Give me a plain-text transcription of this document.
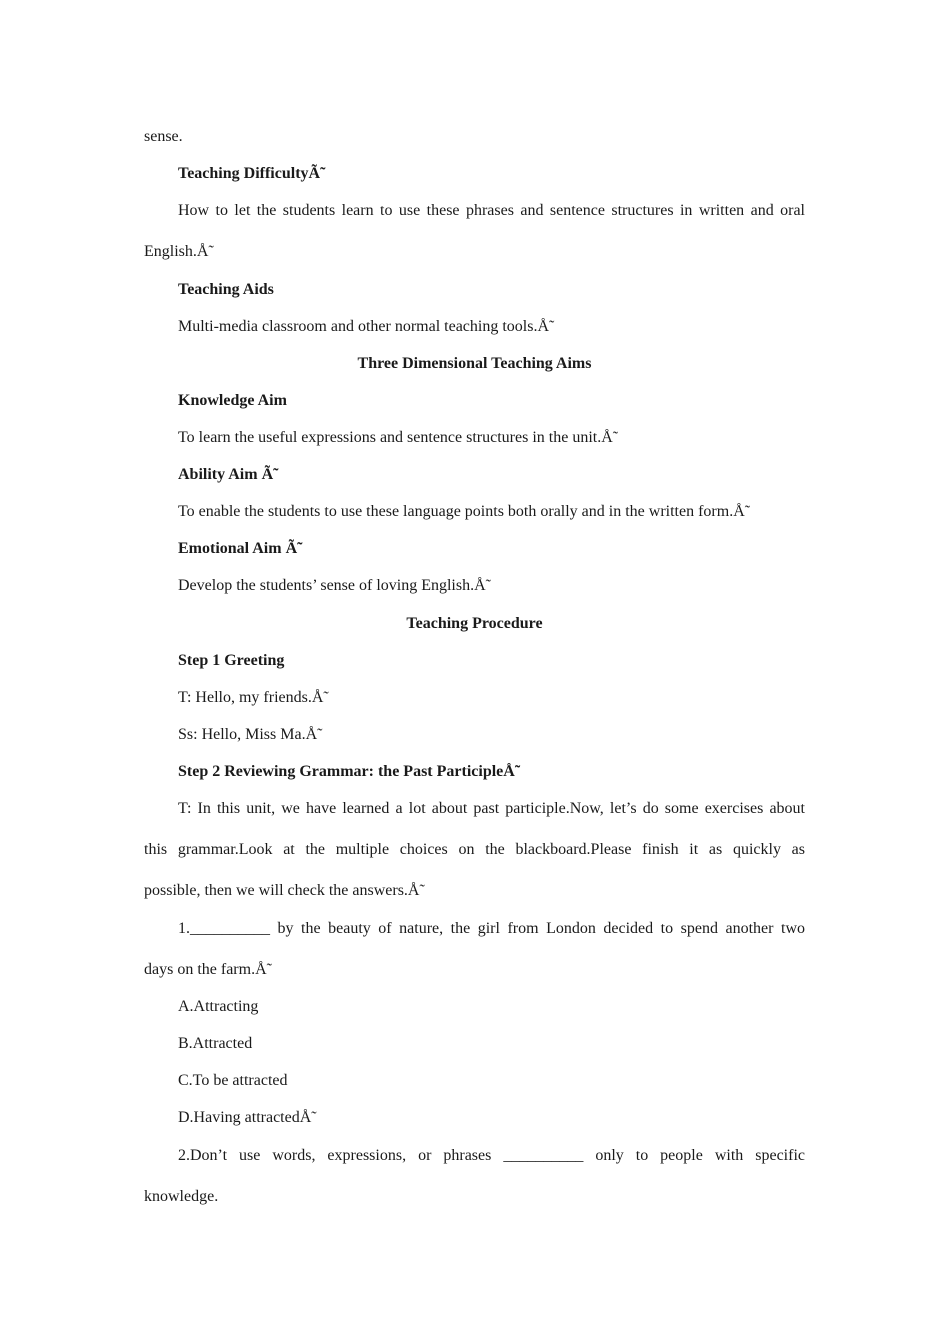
sense.

Teaching DifficultyÃ̃

How to let the students learn to use these phrases and sentence structures in written and oral

English.Å̃

Teaching Aids

Multi-media classroom and other normal teaching tools.Å̃

Three Dimensional Teaching Aims

Knowledge Aim

To learn the useful expressions and sentence structures in the unit.Å̃

Ability Aim Ã̃

To enable the students to use these language points both orally and in the written form.Å̃

Emotional Aim Ã̃

Develop the students’ sense of loving English.Å̃

Teaching Procedure

Step 1 Greeting

T: Hello, my friends.Å̃

Ss: Hello, Miss Ma.Å̃

Step 2 Reviewing Grammar: the Past ParticipleÅ̃

T: In this unit, we have learned a lot about past participle.Now, let’s do some exercises about

this grammar.Look at the multiple choices on the blackboard.Please finish it as quickly as

possible, then we will check the answers.Å̃

1.__________ by the beauty of nature, the girl from London decided to spend another two

days on the farm.Å̃

A.Attracting

B.Attracted

C.To be attracted

D.Having attractedÅ̃

2.Don’t use words, expressions, or phrases __________ only to people with specific

knowledge.
